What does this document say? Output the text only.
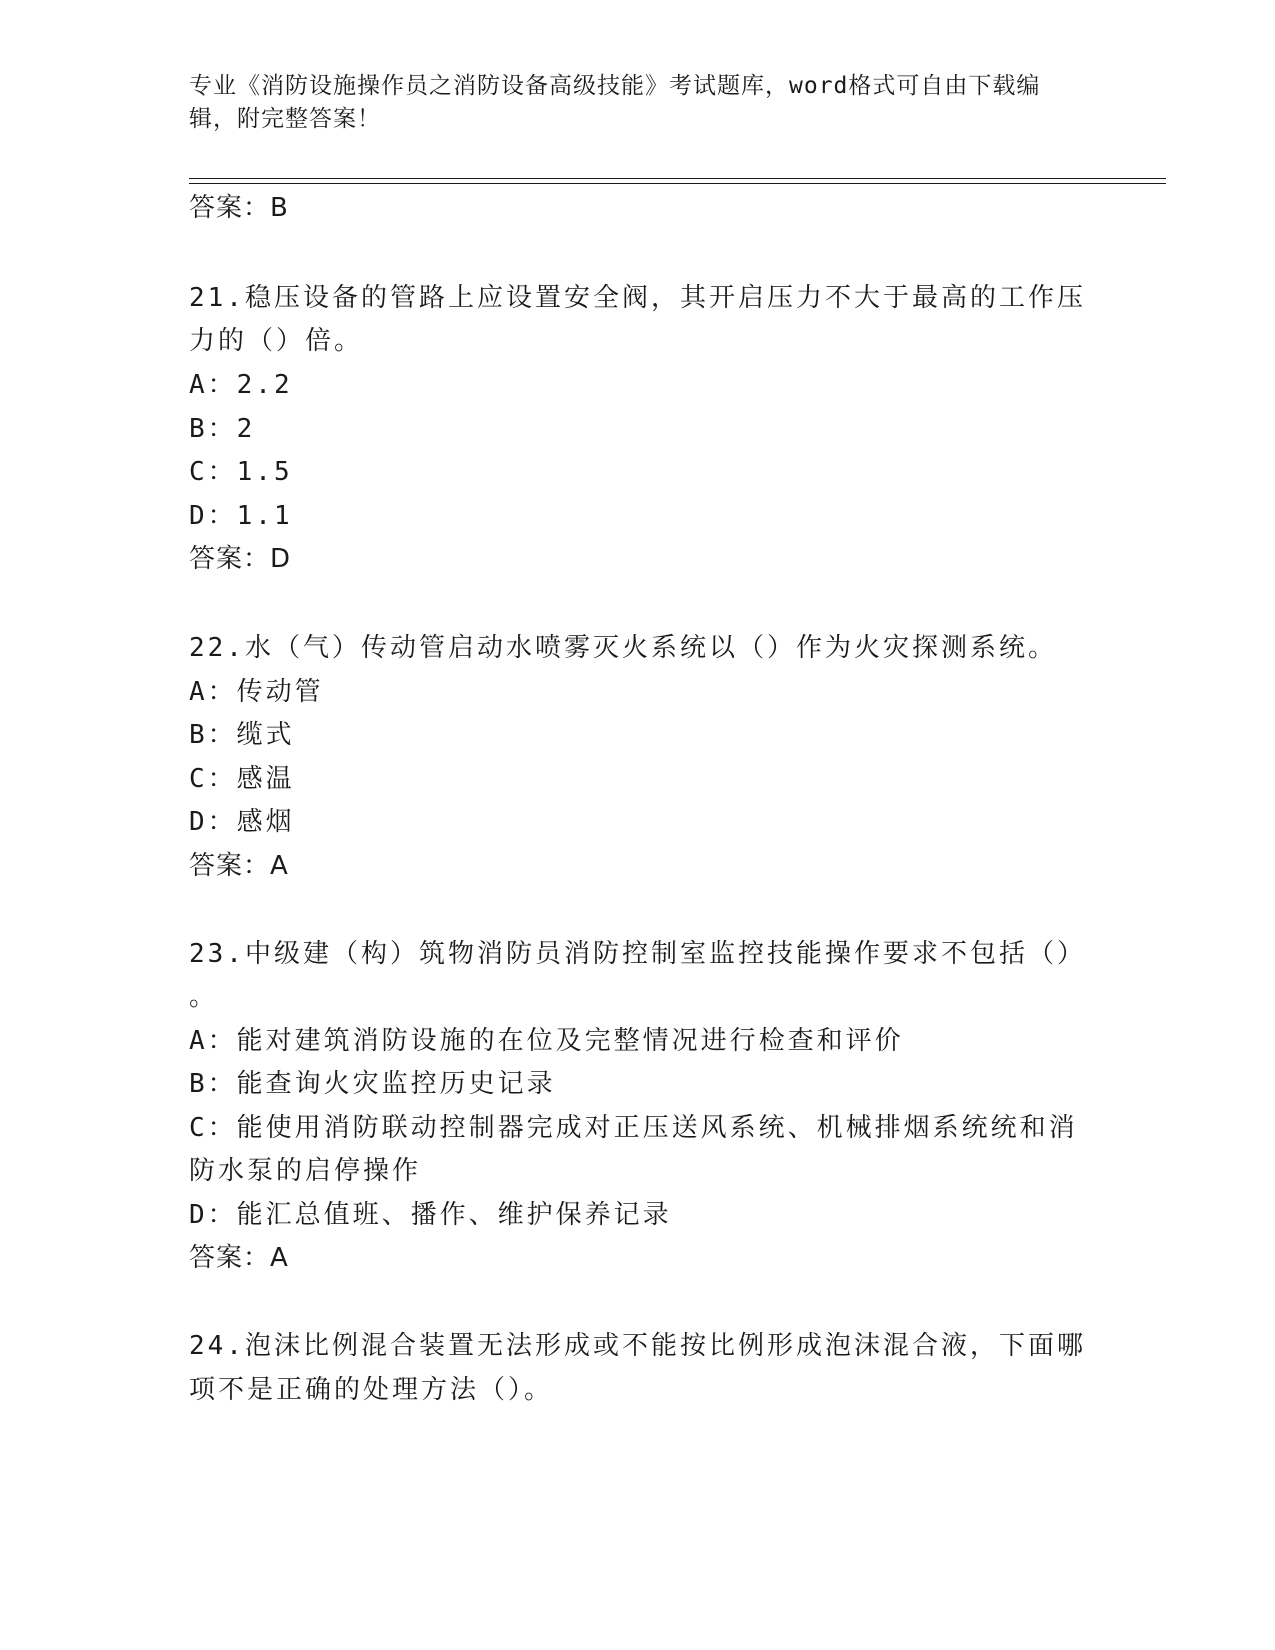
专业《消防设施操作员之消防设备高级技能》考试题库，word格式可自由下载编
辑，附完整答案！
答案：B
21.稳压设备的管路上应设置安全阀，其开启压力不大于最高的工作压
力的（）倍。
A：2.2
B：2
C：1.5
D：1.1
答案：D
22.水（气）传动管启动水喷雾灭火系统以（）作为火灾探测系统。
A：传动管
B：缆式
C：感温
D：感烟
答案：A
23.中级建（构）筑物消防员消防控制室监控技能操作要求不包括（）
。
A：能对建筑消防设施的在位及完整情况进行检查和评价
B：能查询火灾监控历史记录
C：能使用消防联动控制器完成对正压送风系统、机械排烟系统统和消
防水泵的启停操作
D：能汇总值班、播作、维护保养记录
答案：A
24.泡沫比例混合装置无法形成或不能按比例形成泡沫混合液，下面哪
项不是正确的处理方法（）。
